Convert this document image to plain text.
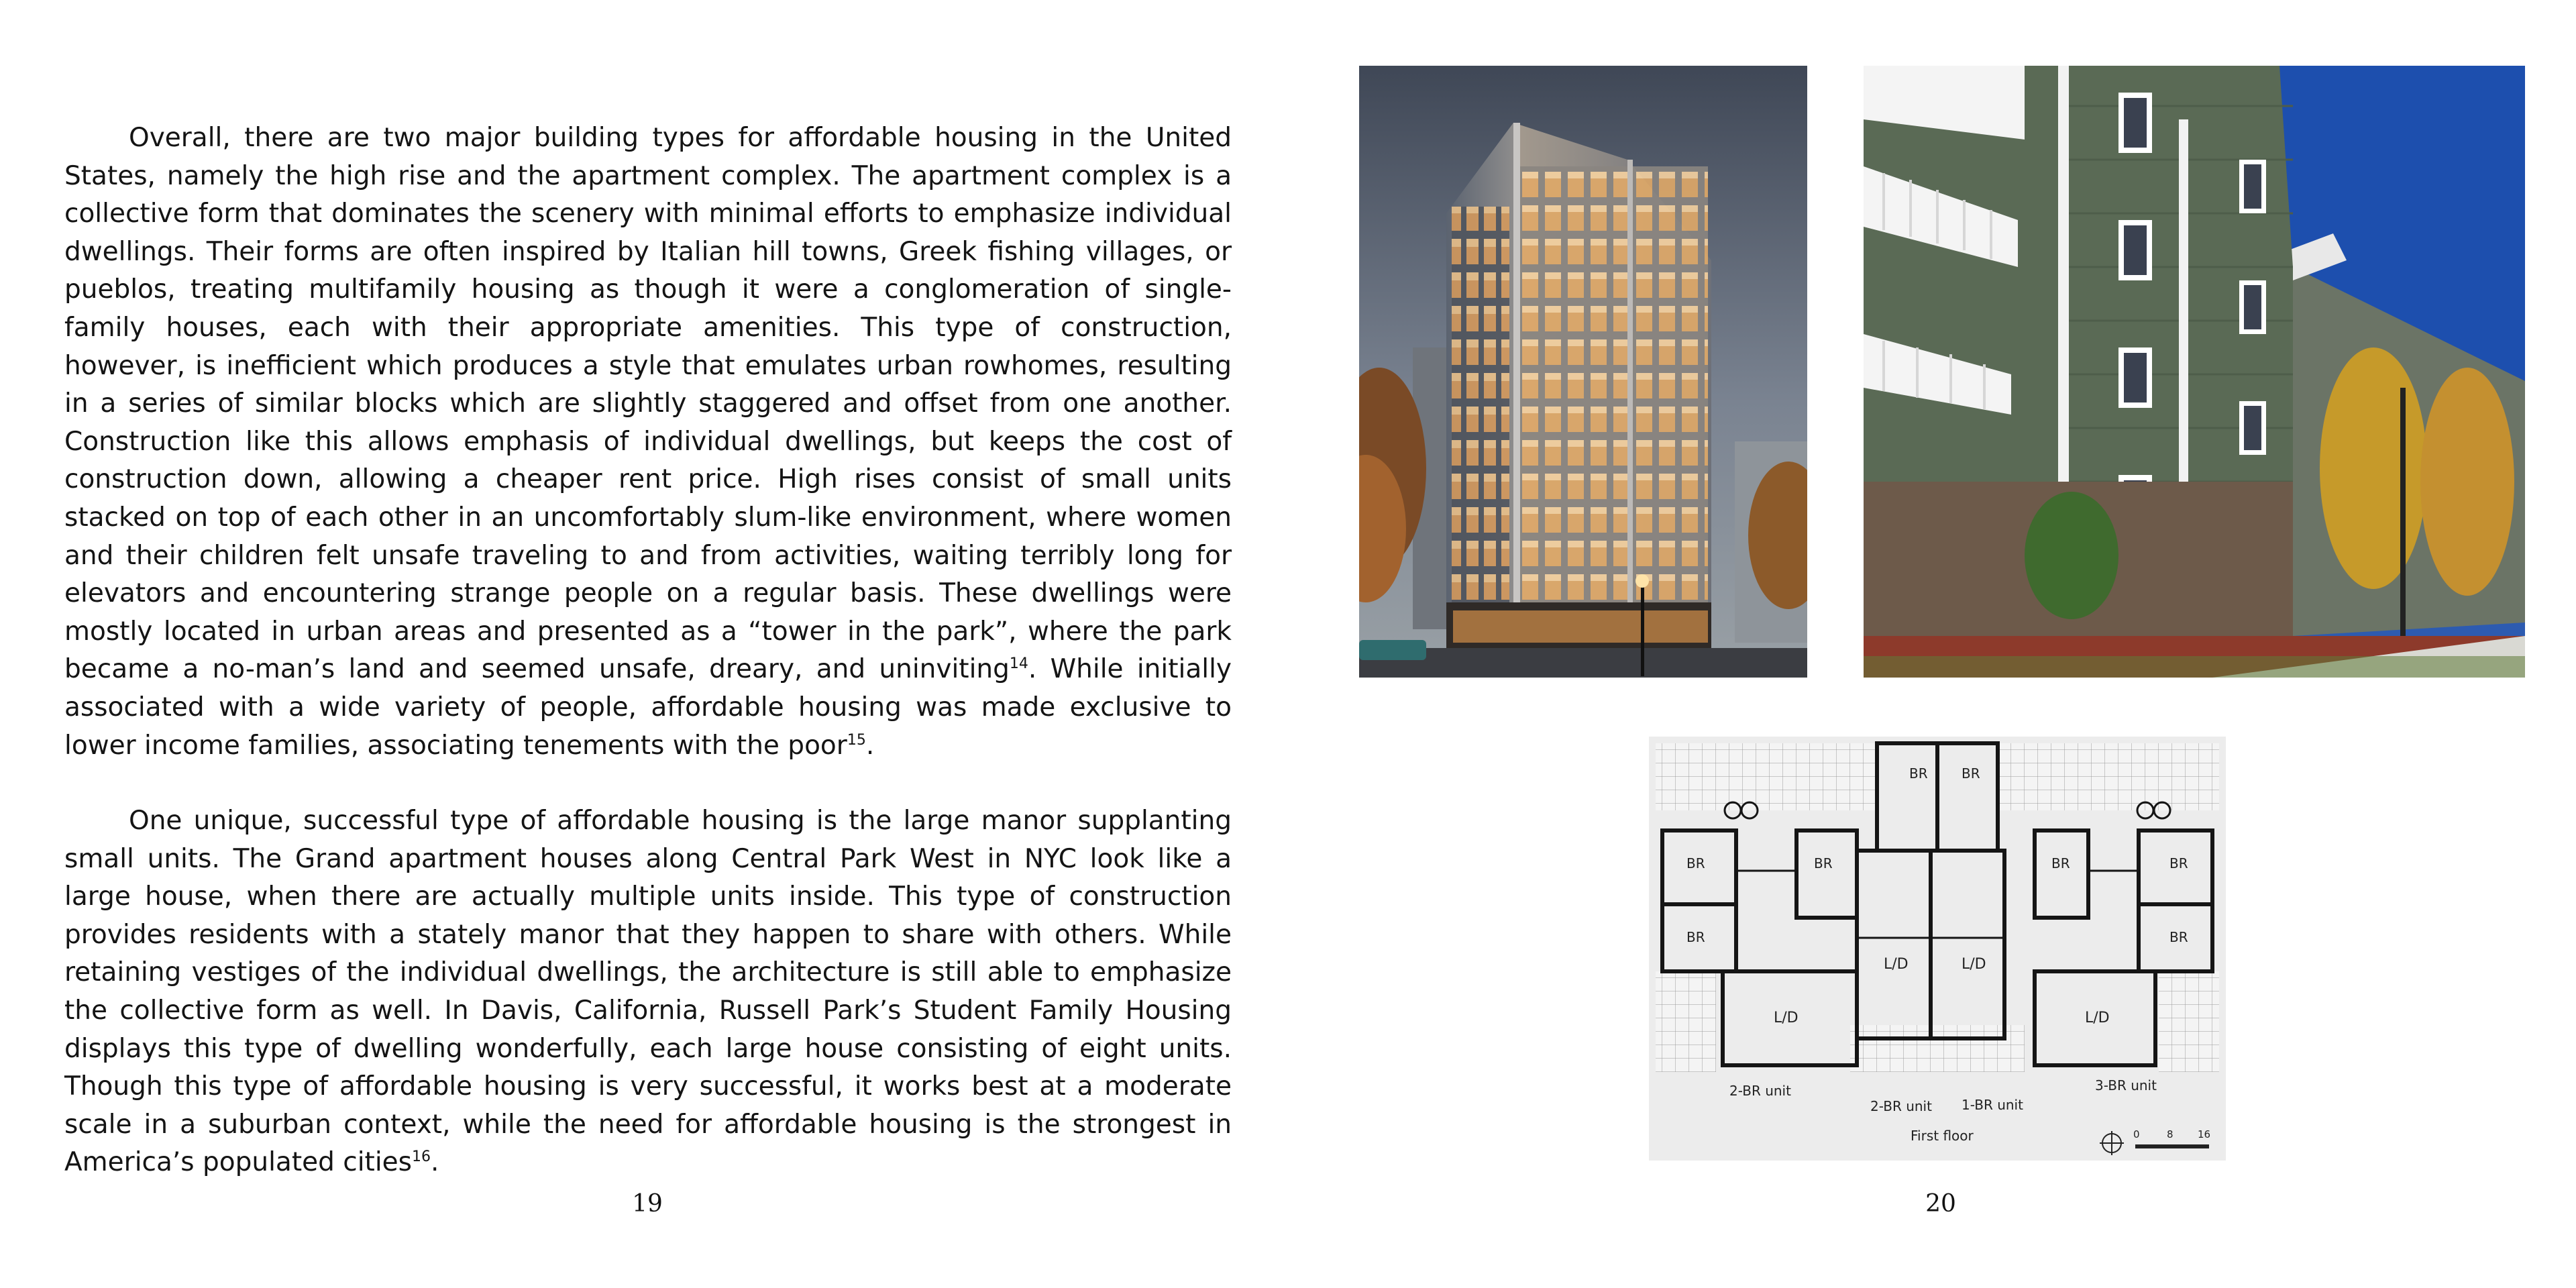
Overall, there are two major building types for affordable housing in the United States, namely the high rise and the apartment complex. The apartment complex is a collective form that dominates the scenery with minimal efforts to emphasize individual dwellings. Their forms are often inspired by Italian hill towns, Greek fishing villages, or pueblos, treating multifamily housing as though it were a conglomeration of single-family houses, each with their appropriate amenities. This type of construction, however, is inefficient which produces a style that emulates urban rowhomes, resulting in a series of similar blocks which are slightly staggered and offset from one another. Construction like this allows emphasis of individual dwellings, but keeps the cost of construction down, allowing a cheaper rent price. High rises consist of small units stacked on top of each other in an uncomfortably slum-like environment, where women and their children felt unsafe traveling to and from activities, waiting terribly long for elevators and encountering strange people on a regular basis. These dwellings were mostly located in urban areas and presented as a “tower in the park”, where the park became a no-man’s land and seemed unsafe, dreary, and uninviting$^{14}$. While initially associated with a wide variety of people, affordable housing was made exclusive to lower income families, associating tenements with the poor$^{15}$.

One unique, successful type of affordable housing is the large manor supplanting small units. The Grand apartment houses along Central Park West in NYC look like a large house, when there are actually multiple units inside. This type of construction provides residents with a stately manor that they happen to share with others. While retaining vestiges of the individual dwellings, the architecture is still able to emphasize the collective form as well. In Davis, California, Russell Park’s Student Family Housing displays this type of dwelling wonderfully, each large house consisting of eight units. Though this type of affordable housing is very successful, it works best at a moderate scale in a suburban context, while the need for affordable housing is the strongest in America’s populated cities$^{16}$.

19
BR	BR
BR	BR	BR	BR
BR	BR
L/D
L/D	L/D
L/D
2-BR unit
2-BR unit 1-BR unit
3-BR unit
First floor	0	8 16
20
